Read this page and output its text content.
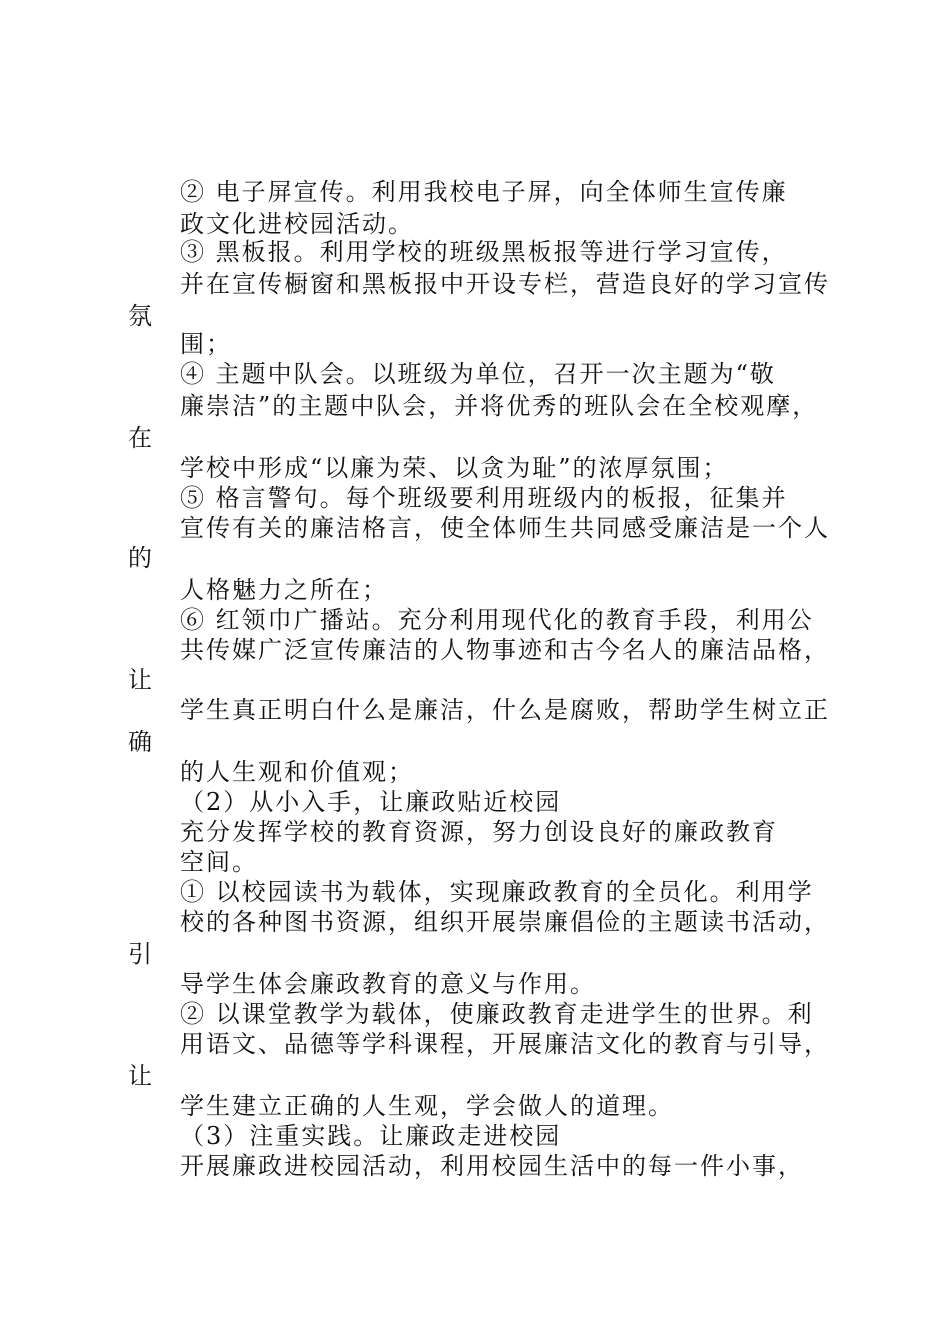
② 电子屏宣传。利用我校电子屏，向全体师生宣传廉
政文化进校园活动。
③ 黑板报。利用学校的班级黑板报等进行学习宣传，
并在宣传橱窗和黑板报中开设专栏，营造良好的学习宣传
氛
围；
④ 主题中队会。以班级为单位，召开一次主题为“敬
廉崇洁”的主题中队会，并将优秀的班队会在全校观摩，
在
学校中形成“以廉为荣、以贪为耻”的浓厚氛围；
⑤ 格言警句。每个班级要利用班级内的板报，征集并
宣传有关的廉洁格言，使全体师生共同感受廉洁是一个人
的
人格魅力之所在；
⑥ 红领巾广播站。充分利用现代化的教育手段，利用公
共传媒广泛宣传廉洁的人物事迹和古今名人的廉洁品格，
让
学生真正明白什么是廉洁，什么是腐败，帮助学生树立正
确
的人生观和价值观；
（2）从小入手，让廉政贴近校园
充分发挥学校的教育资源，努力创设良好的廉政教育
空间。
① 以校园读书为载体，实现廉政教育的全员化。利用学
校的各种图书资源，组织开展崇廉倡俭的主题读书活动，
引
导学生体会廉政教育的意义与作用。
② 以课堂教学为载体，使廉政教育走进学生的世界。利
用语文、品德等学科课程，开展廉洁文化的教育与引导，
让
学生建立正确的人生观，学会做人的道理。
（3）注重实践。让廉政走进校园
开展廉政进校园活动，利用校园生活中的每一件小事，
